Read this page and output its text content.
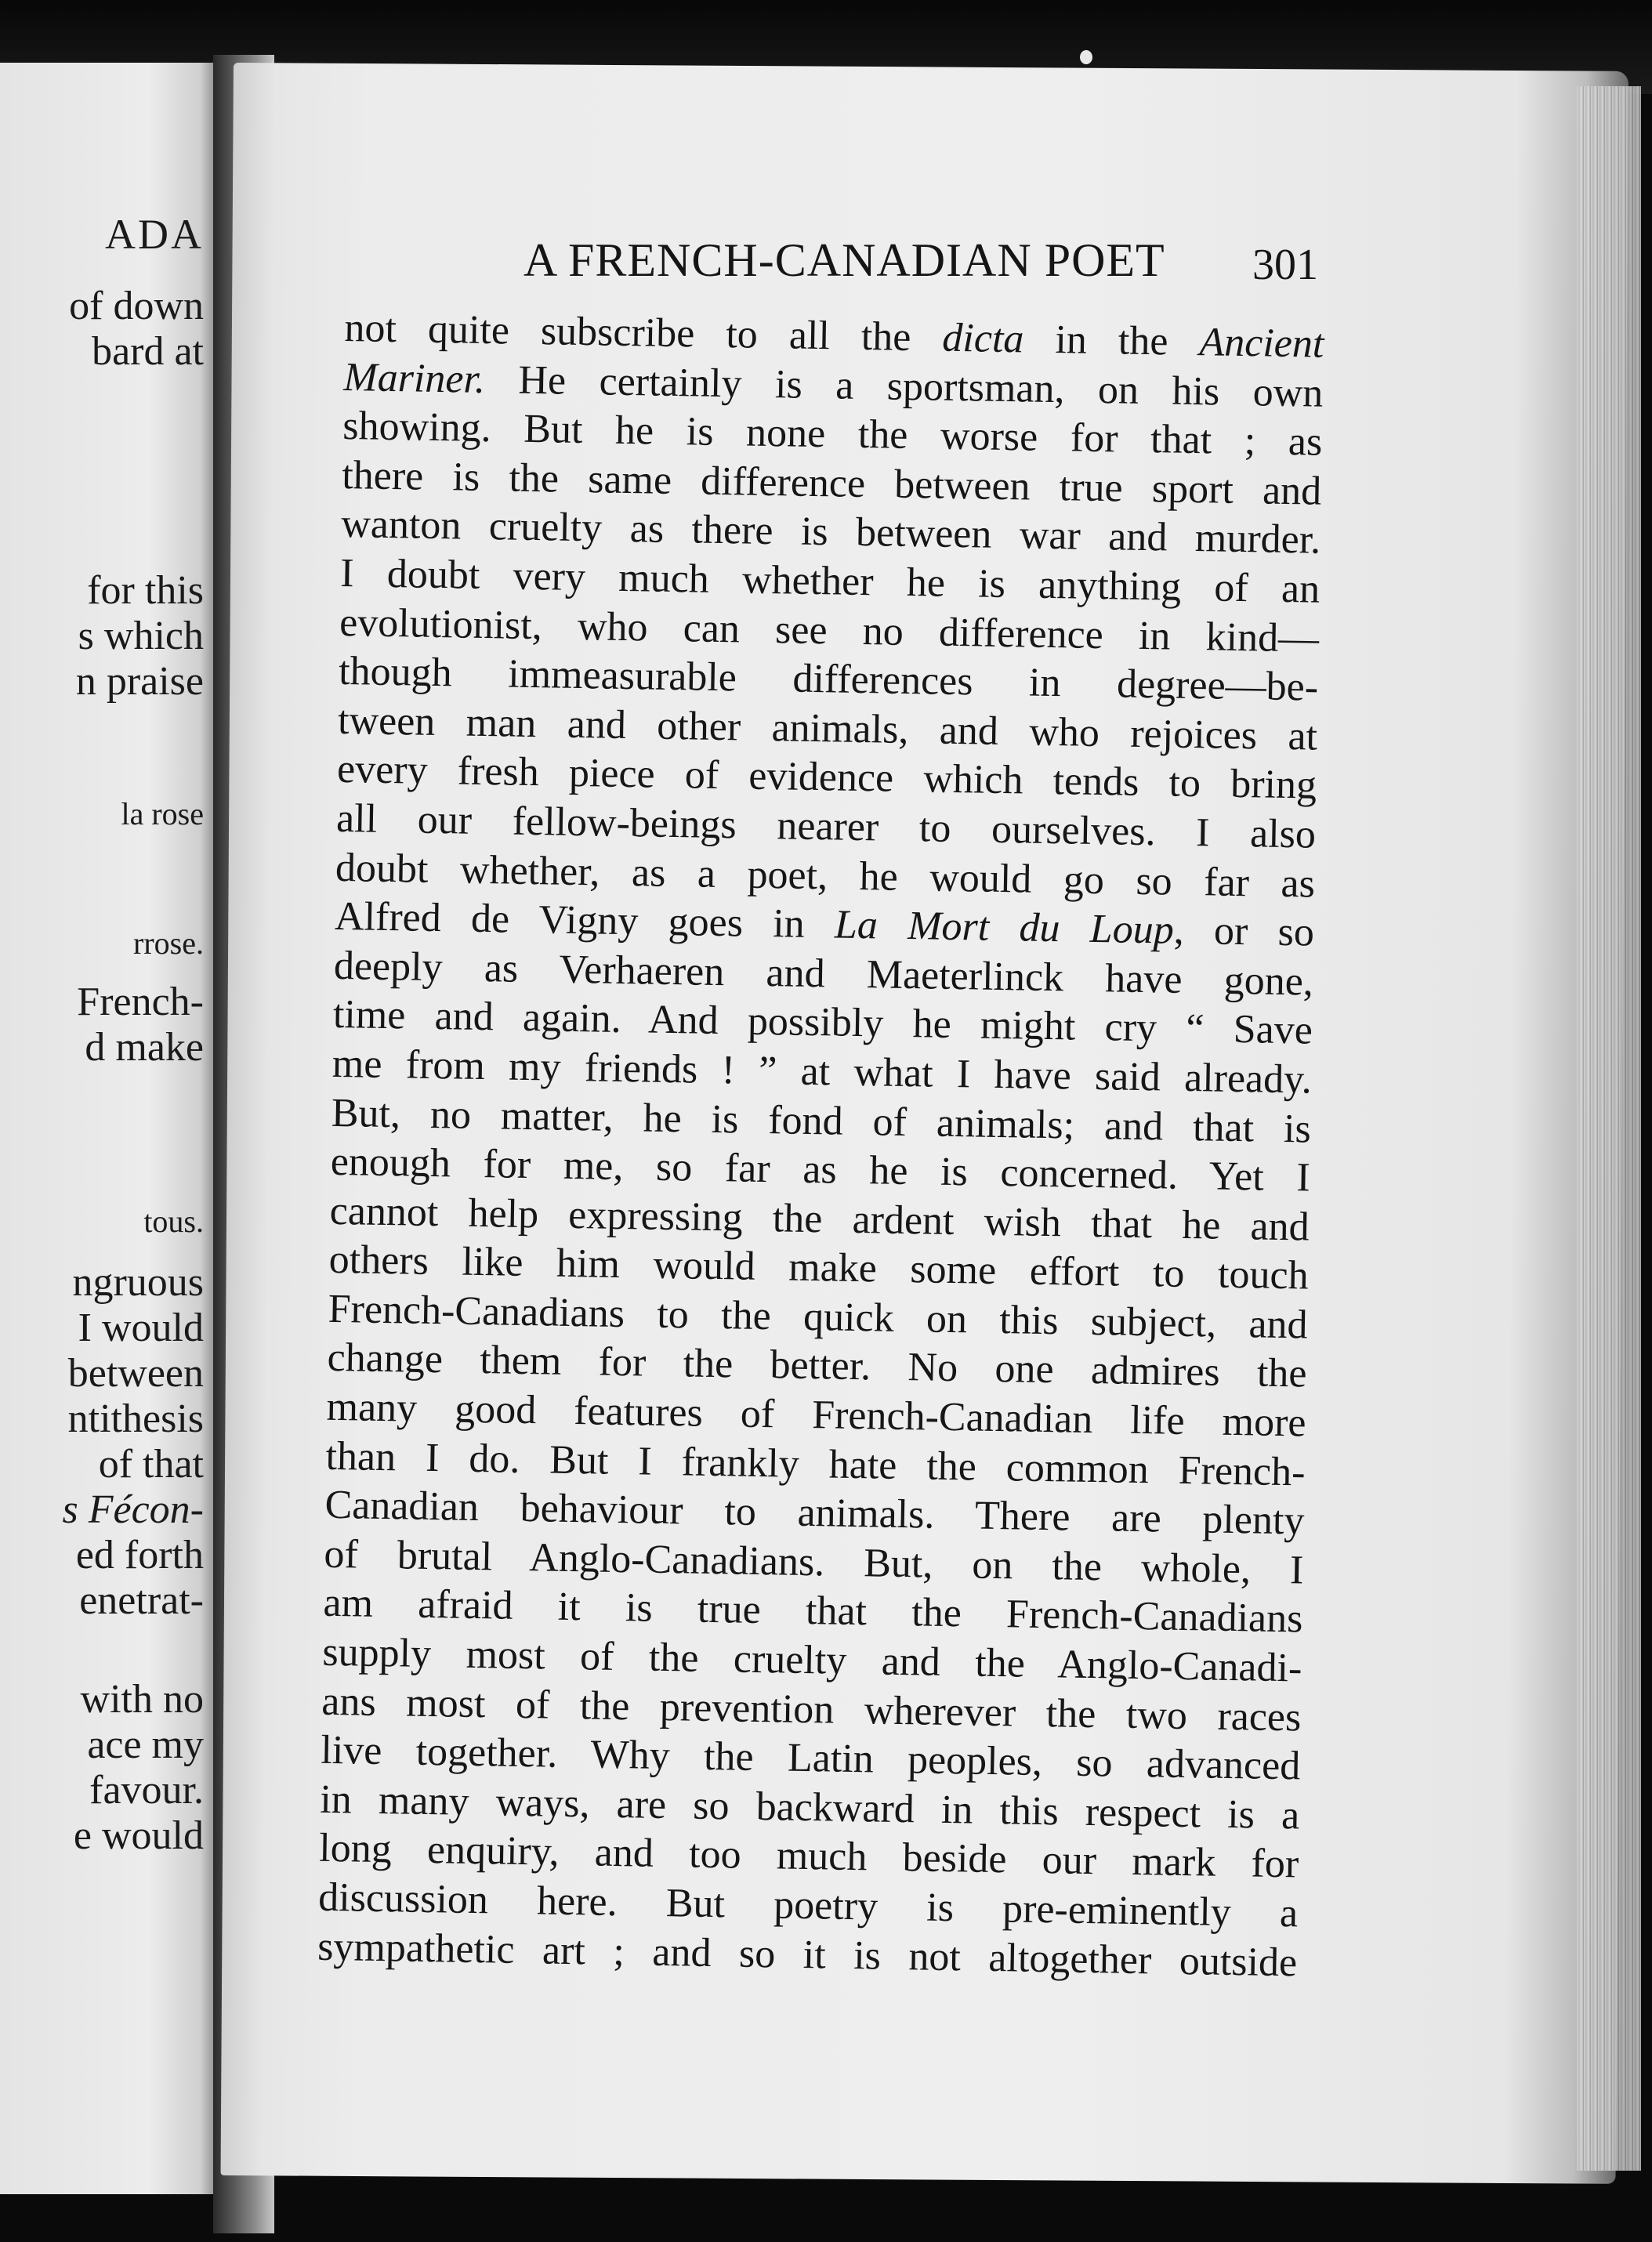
ADA
of down
bard at
for this
s which
n praise
la rose
rrose.
French-
d make
tous.
ngruous
I would
between
ntithesis
of that
s Fécon-
ed forth
enetrat-
with no
ace my
favour.
e would
A FRENCH-CANADIAN POET 301
not quite subscribe to all the dicta in the Ancient
Mariner. He certainly is a sportsman, on his own
showing. But he is none the worse for that ; as
there is the same difference between true sport and
wanton cruelty as there is between war and murder.
I doubt very much whether he is anything of an
evolutionist, who can see no difference in kind—
though immeasurable differences in degree—be-
tween man and other animals, and who rejoices at
every fresh piece of evidence which tends to bring
all our fellow-beings nearer to ourselves. I also
doubt whether, as a poet, he would go so far as
Alfred de Vigny goes in La Mort du Loup, or so
deeply as Verhaeren and Maeterlinck have gone,
time and again. And possibly he might cry “ Save
me from my friends ! ” at what I have said already.
But, no matter, he is fond of animals; and that is
enough for me, so far as he is concerned. Yet I
cannot help expressing the ardent wish that he and
others like him would make some effort to touch
French-Canadians to the quick on this subject, and
change them for the better. No one admires the
many good features of French-Canadian life more
than I do. But I frankly hate the common French-
Canadian behaviour to animals. There are plenty
of brutal Anglo-Canadians. But, on the whole, I
am afraid it is true that the French-Canadians
supply most of the cruelty and the Anglo-Canadi-
ans most of the prevention wherever the two races
live together. Why the Latin peoples, so advanced
in many ways, are so backward in this respect is a
long enquiry, and too much beside our mark for
discussion here. But poetry is pre-eminently a
sympathetic art ; and so it is not altogether outside
